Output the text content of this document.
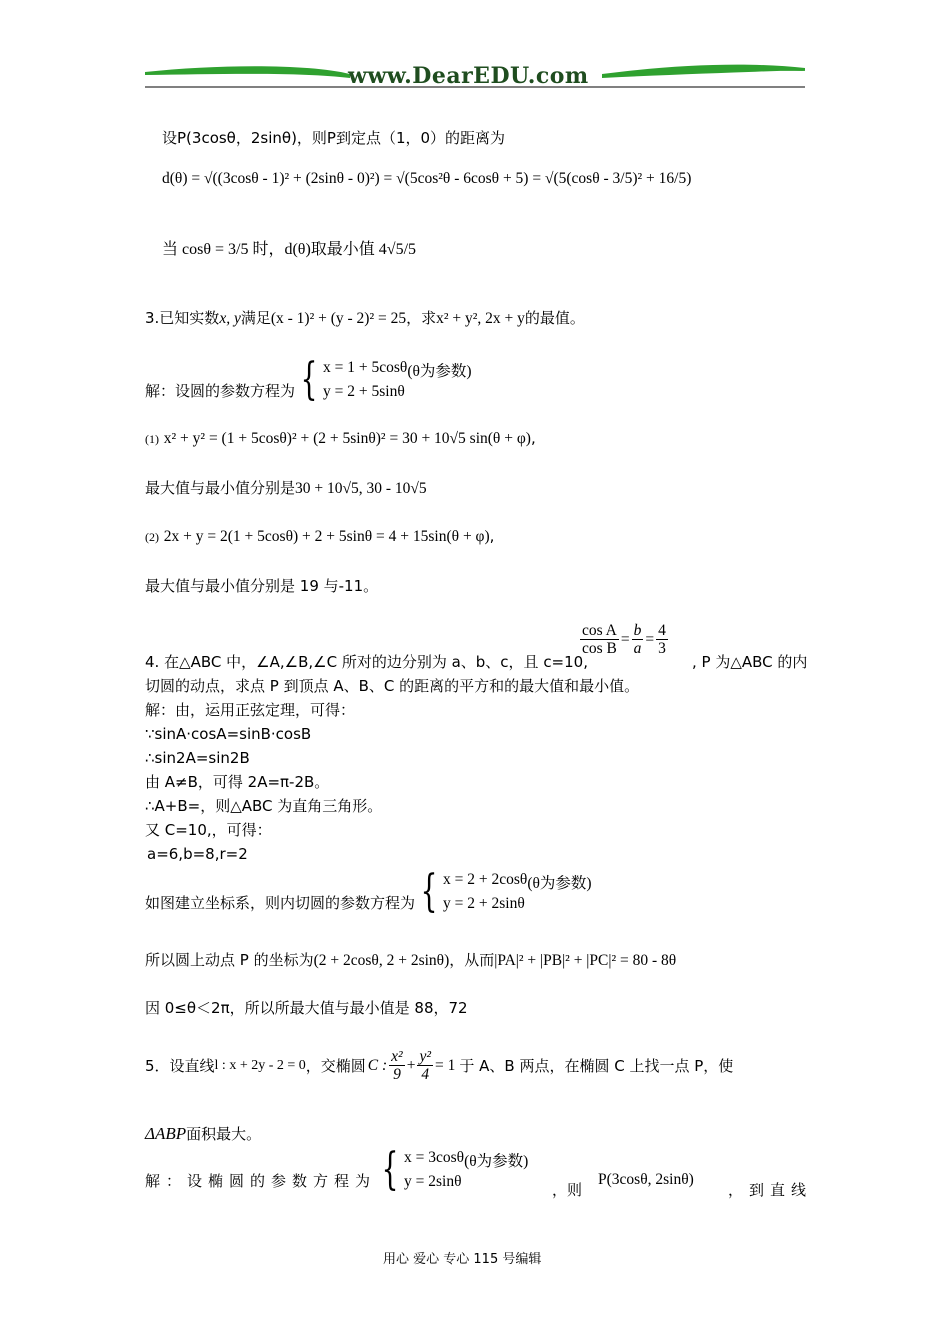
www.DearEDU.com
设P(3cosθ，2sinθ)，则P到定点（1，0）的距离为
d(θ) = √((3cosθ - 1)² + (2sinθ - 0)²) = √(5cos²θ - 6cosθ + 5) = √(5(cosθ - 3/5)² + 16/5)
当 cosθ = 3/5 时，d(θ)取最小值 4√5/5
3.已知实数x, y满足(x - 1)² + (y - 2)² = 25，求x² + y², 2x + y的最值。
解：设圆的参数方程为 { x = 1 + 5cosθ
y = 2 + 5sinθ
(θ为参数)
(1) x² + y² = (1 + 5cosθ)² + (2 + 5sinθ)² = 30 + 10√5 sin(θ + φ),
最大值与最小值分别是30 + 10√5, 30 - 10√5
(2) 2x + y = 2(1 + 5cosθ) + 2 + 5sinθ = 4 + 15sin(θ + φ),
最大值与最小值分别是 19 与-11。
$\frac{\text{cos A}}{\text{cos B}} = \frac{b}{a} = \frac{4}{3}$
4. 在△ABC 中，∠A,∠B,∠C 所对的边分别为 a、b、c，且 c=10,	, P 为△ABC 的内
切圆的动点，求点 P 到顶点 A、B、C 的距离的平方和的最大值和最小值。
解：由，运用正弦定理，可得：
∵sinA·cosA=sinB·cosB
∴sin2A=sin2B
由 A≠B，可得 2A=π-2B。
∴A+B=，则△ABC 为直角三角形。
又 C=10,，可得：
a=6,b=8,r=2
如图建立坐标系，则内切圆的参数方程为 { x = 2 + 2cosθ
y = 2 + 2sinθ
(θ为参数)
所以圆上动点 P 的坐标为(2 + 2cosθ, 2 + 2sinθ)，从而|PA|² + |PB|² + |PC|² = 80 - 8θ
因 0≤θ＜2π，所以所最大值与最小值是 88，72
5．设直线 l : x + 2y - 2 = 0 ，交椭圆 C : $\frac{\text{x²}}{9} + \frac{\text{y²}}{4} = 1$ 于 A、B 两点，在椭圆 C 上找一点 P，使
ΔABP面积最大。
解：设椭圆的参数方程为 { x = 3cosθ
y = 2sinθ
(θ为参数)
，则
P(3cosθ, 2sinθ)
，到直线
用心 爱心 专心 115 号编辑
